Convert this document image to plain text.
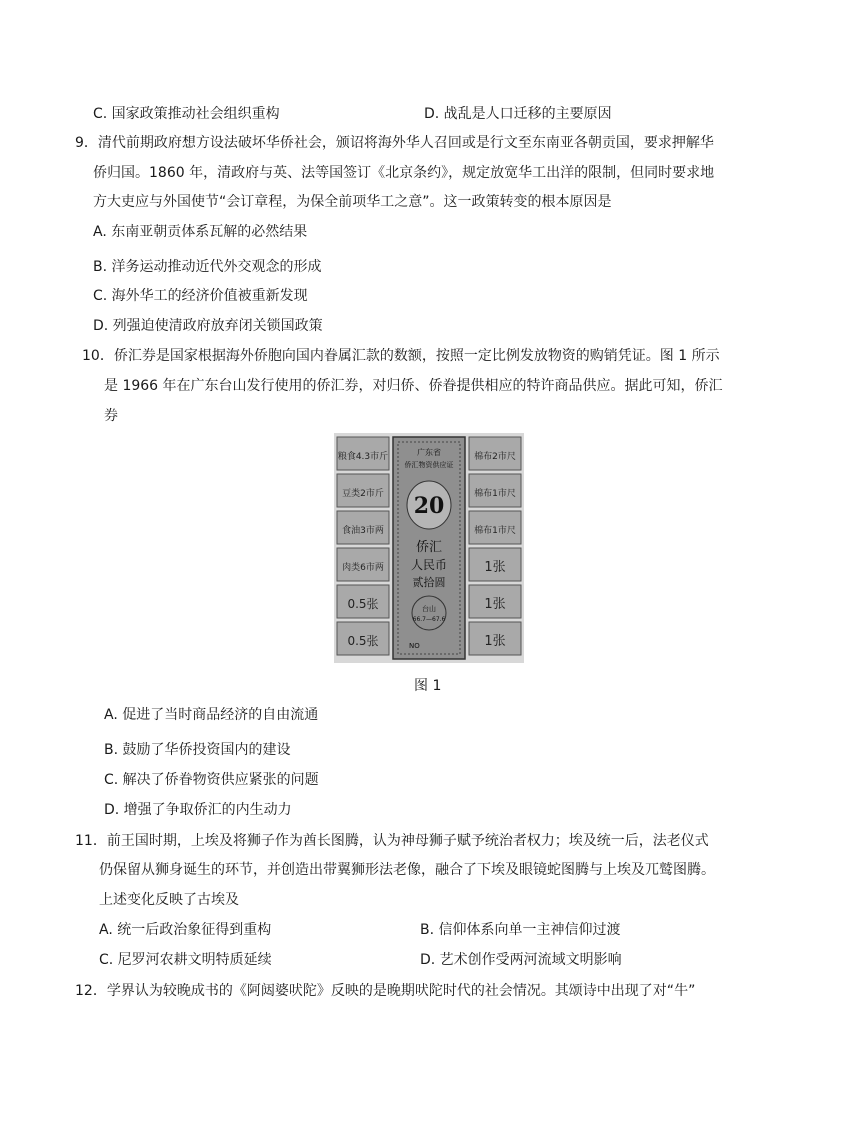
C. 国家政策推动社会组织重构	D. 战乱是人口迁移的主要原因
9．清代前期政府想方设法破坏华侨社会，颁诏将海外华人召回或是行文至东南亚各朝贡国，要求押解华
侨归国。1860 年，清政府与英、法等国签订《北京条约》，规定放宽华工出洋的限制，但同时要求地
方大吏应与外国使节“会订章程，为保全前项华工之意”。这一政策转变的根本原因是
A. 东南亚朝贡体系瓦解的必然结果
B. 洋务运动推动近代外交观念的形成
C. 海外华工的经济价值被重新发现
D. 列强迫使清政府放弃闭关锁国政策
10．侨汇券是国家根据海外侨胞向国内眷属汇款的数额，按照一定比例发放物资的购销凭证。图 1 所示
是 1966 年在广东台山发行使用的侨汇券，对归侨、侨眷提供相应的特许商品供应。据此可知，侨汇
券
粮食4.3市斤
豆类2市斤
食油3市两
肉类6市两
0.5张
0.5张
广东省
侨汇物资供应证
20
侨汇
人民币
贰拾圆
台山
66.7—67.6
NO
棉布2市尺
棉布1市尺
棉布1市尺
1张
1张
1张
图 1
A. 促进了当时商品经济的自由流通
B. 鼓励了华侨投资国内的建设
C. 解决了侨眷物资供应紧张的问题
D. 增强了争取侨汇的内生动力
11．前王国时期，上埃及将狮子作为酋长图腾，认为神母狮子赋予统治者权力；埃及统一后，法老仪式
仍保留从狮身诞生的环节，并创造出带翼狮形法老像，融合了下埃及眼镜蛇图腾与上埃及兀鹫图腾。
上述变化反映了古埃及
A. 统一后政治象征得到重构	B. 信仰体系向单一主神信仰过渡
C. 尼罗河农耕文明特质延续	D. 艺术创作受两河流域文明影响
12．学界认为较晚成书的《阿闼婆吠陀》反映的是晚期吠陀时代的社会情况。其颂诗中出现了对“牛”
